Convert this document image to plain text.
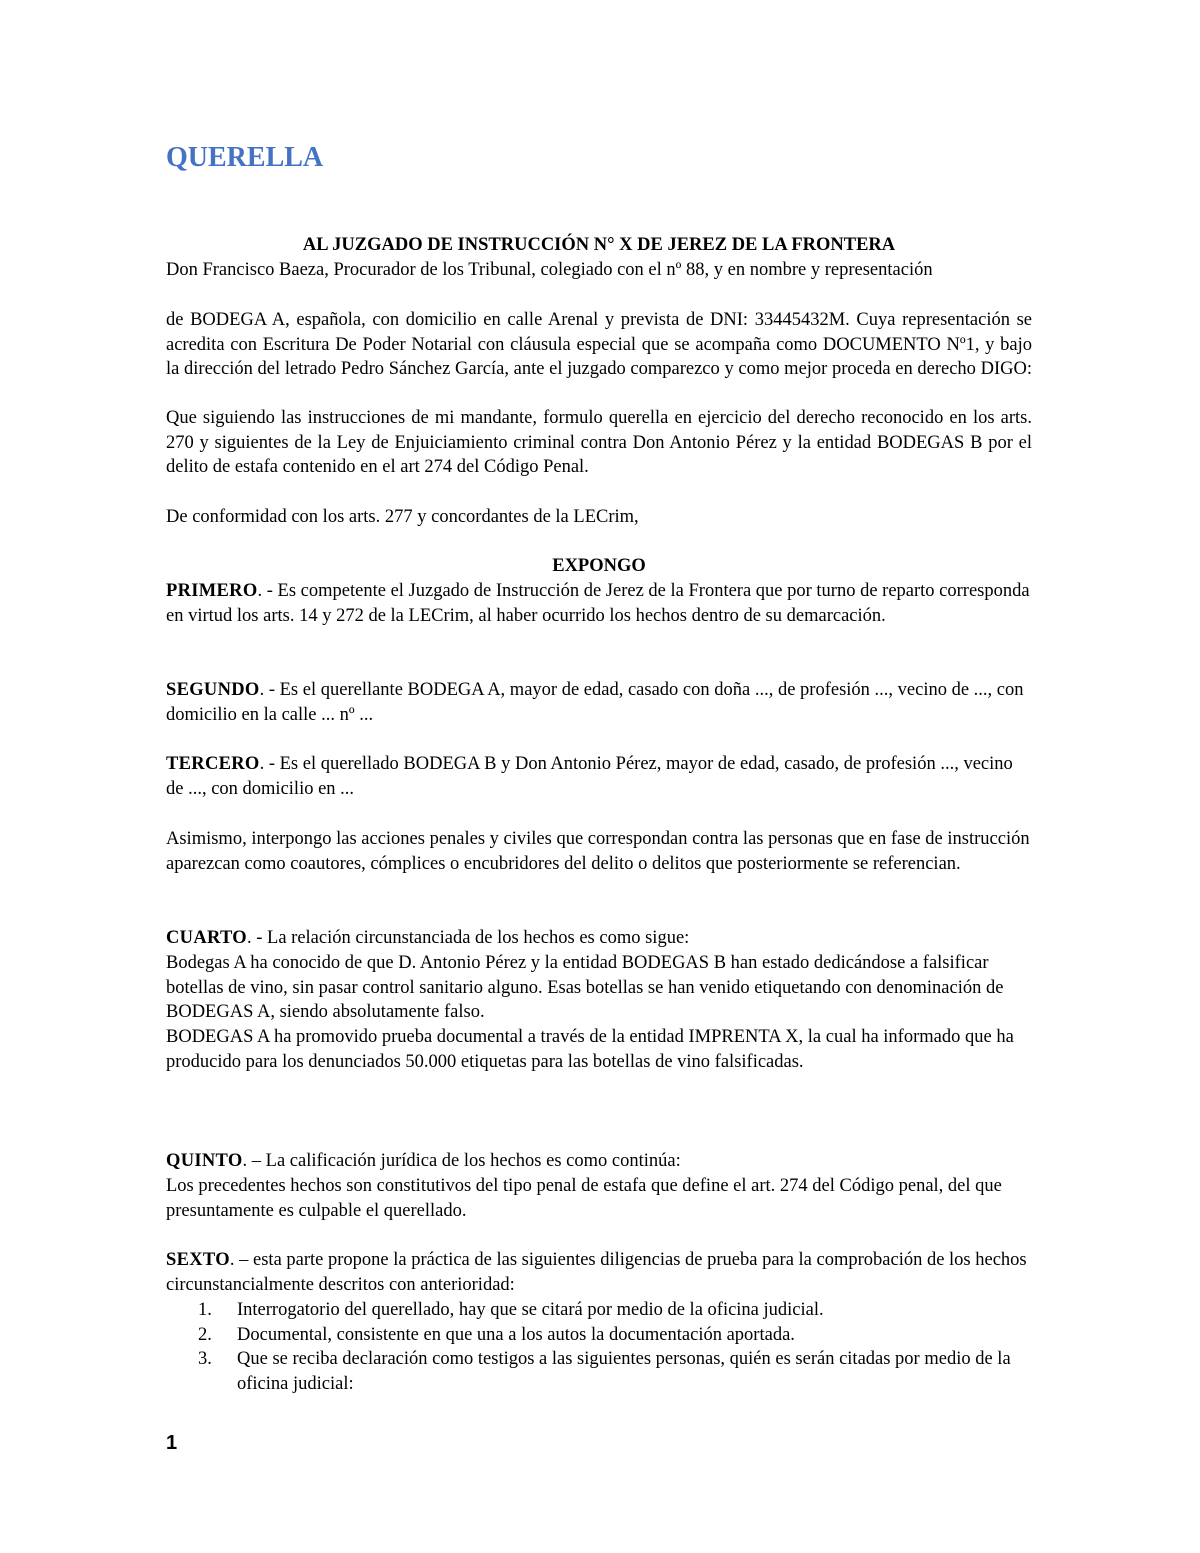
QUERELLA

AL JUZGADO DE INSTRUCCIÓN N° X DE JEREZ DE LA FRONTERA

Don Francisco Baeza, Procurador de los Tribunal, colegiado con el nº 88, y en nombre y representación

de BODEGA A, española, con domicilio en calle Arenal y prevista de DNI: 33445432M. Cuya representación se acredita con Escritura De Poder Notarial con cláusula especial que se acompaña como DOCUMENTO Nº1, y bajo la dirección del letrado Pedro Sánchez García, ante el juzgado comparezco y como mejor proceda en derecho DIGO:

Que siguiendo las instrucciones de mi mandante, formulo querella en ejercicio del derecho reconocido en los arts. 270 y siguientes de la Ley de Enjuiciamiento criminal contra Don Antonio Pérez y la entidad BODEGAS B por el delito de estafa contenido en el art 274 del Código Penal.

De conformidad con los arts. 277 y concordantes de la LECrim,

EXPONGO

PRIMERO. - Es competente el Juzgado de Instrucción de Jerez de la Frontera que por turno de reparto corresponda en virtud los arts. 14 y 272 de la LECrim, al haber ocurrido los hechos dentro de su demarcación.

SEGUNDO. - Es el querellante BODEGA A, mayor de edad, casado con doña ..., de profesión ..., vecino de ..., con domicilio en la calle ... nº ...

TERCERO. - Es el querellado BODEGA B y Don Antonio Pérez, mayor de edad, casado, de profesión ..., vecino de ..., con domicilio en ...

Asimismo, interpongo las acciones penales y civiles que correspondan contra las personas que en fase de instrucción aparezcan como coautores, cómplices o encubridores del delito o delitos que posteriormente se referencian.

CUARTO. - La relación circunstanciada de los hechos es como sigue:

Bodegas A ha conocido de que D. Antonio Pérez y la entidad BODEGAS B han estado dedicándose a falsificar botellas de vino, sin pasar control sanitario alguno. Esas botellas se han venido etiquetando con denominación de BODEGAS A, siendo absolutamente falso.

BODEGAS A ha promovido prueba documental a través de la entidad IMPRENTA X, la cual ha informado que ha producido para los denunciados 50.000 etiquetas para las botellas de vino falsificadas.

QUINTO. – La calificación jurídica de los hechos es como continúa:

Los precedentes hechos son constitutivos del tipo penal de estafa que define el art. 274 del Código penal, del que presuntamente es culpable el querellado.

SEXTO. – esta parte propone la práctica de las siguientes diligencias de prueba para la comprobación de los hechos circunstancialmente descritos con anterioridad:

1. Interrogatorio del querellado, hay que se citará por medio de la oficina judicial.
2. Documental, consistente en que una a los autos la documentación aportada.
3. Que se reciba declaración como testigos a las siguientes personas, quién es serán citadas por medio de la oficina judicial:

1
